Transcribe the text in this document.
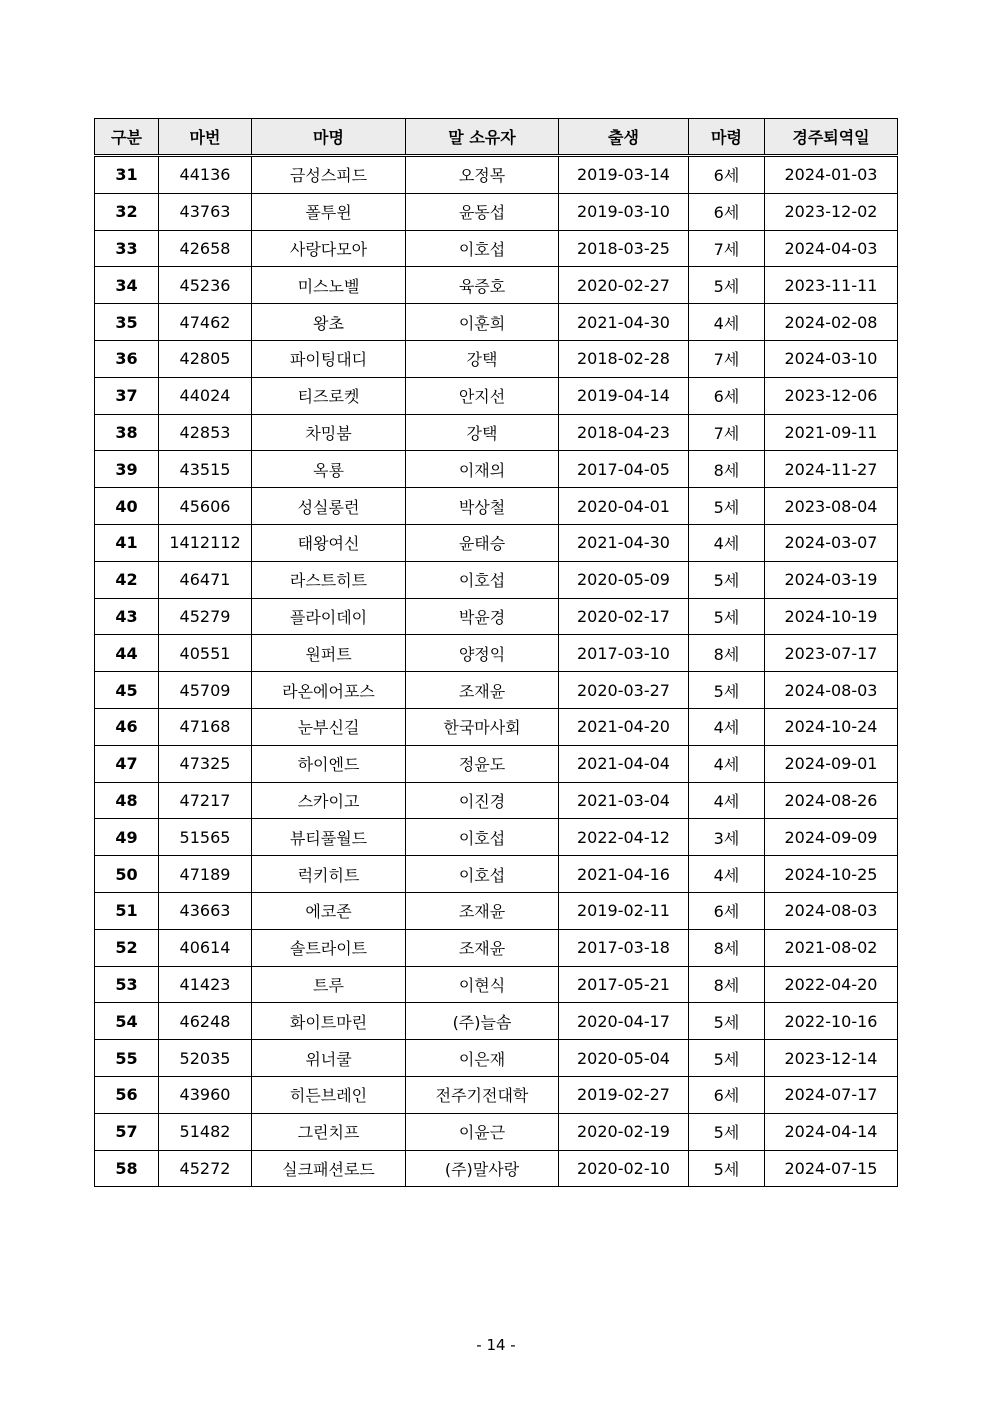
구분	마번	마명	말 소유자	출생	마령	경주퇴역일
31	44136	금성스피드	오정목	2019-03-14	6세	2024-01-03
32	43763	폴투윈	윤동섭	2019-03-10	6세	2023-12-02
33	42658	사랑다모아	이호섭	2018-03-25	7세	2024-04-03
34	45236	미스노벨	육증호	2020-02-27	5세	2023-11-11
35	47462	왕초	이훈희	2021-04-30	4세	2024-02-08
36	42805	파이팅대디	강택	2018-02-28	7세	2024-03-10
37	44024	티즈로켓	안지선	2019-04-14	6세	2023-12-06
38	42853	차밍붐	강택	2018-04-23	7세	2021-09-11
39	43515	옥룡	이재의	2017-04-05	8세	2024-11-27
40	45606	성실롱런	박상철	2020-04-01	5세	2023-08-04
41	1412112	태왕여신	윤태승	2021-04-30	4세	2024-03-07
42	46471	라스트히트	이호섭	2020-05-09	5세	2024-03-19
43	45279	플라이데이	박윤경	2020-02-17	5세	2024-10-19
44	40551	원퍼트	양정익	2017-03-10	8세	2023-07-17
45	45709	라온에어포스	조재윤	2020-03-27	5세	2024-08-03
46	47168	눈부신길	한국마사회	2021-04-20	4세	2024-10-24
47	47325	하이엔드	정윤도	2021-04-04	4세	2024-09-01
48	47217	스카이고	이진경	2021-03-04	4세	2024-08-26
49	51565	뷰티풀월드	이호섭	2022-04-12	3세	2024-09-09
50	47189	럭키히트	이호섭	2021-04-16	4세	2024-10-25
51	43663	에코존	조재윤	2019-02-11	6세	2024-08-03
52	40614	솔트라이트	조재윤	2017-03-18	8세	2021-08-02
53	41423	트루	이현식	2017-05-21	8세	2022-04-20
54	46248	화이트마린	(주)늘솜	2020-04-17	5세	2022-10-16
55	52035	위너쿨	이은재	2020-05-04	5세	2023-12-14
56	43960	히든브레인	전주기전대학	2019-02-27	6세	2024-07-17
57	51482	그린치프	이윤근	2020-02-19	5세	2024-04-14
58	45272	실크패션로드	(주)말사랑	2020-02-10	5세	2024-07-15
- 14 -
